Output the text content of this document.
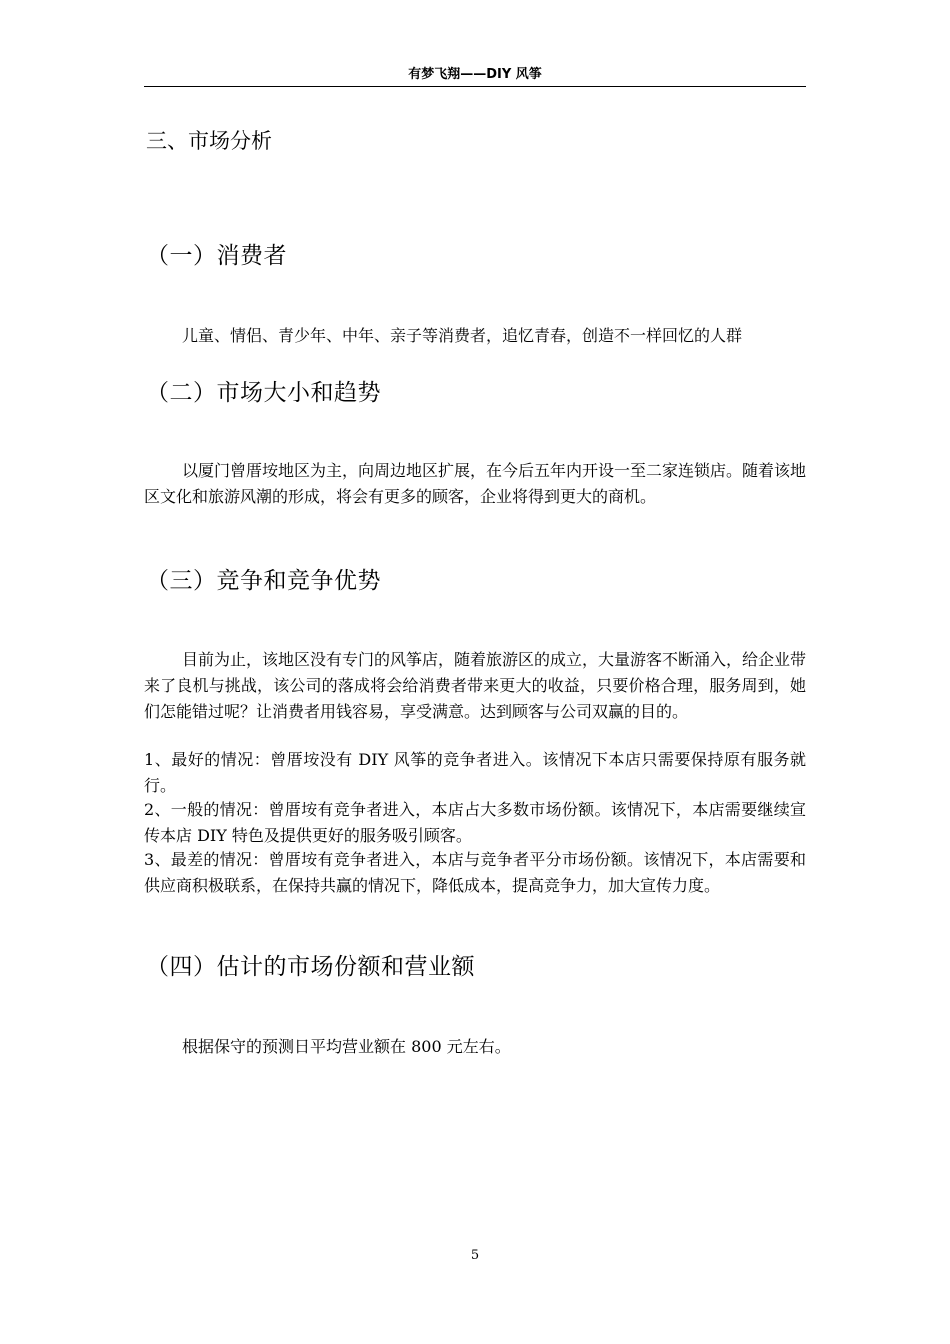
有梦飞翔——DIY 风筝
三、市场分析
（一）消费者

儿童、情侣、青少年、中年、亲子等消费者，追忆青春，创造不一样回忆的人群

（二）市场大小和趋势

以厦门曾厝垵地区为主，向周边地区扩展，在今后五年内开设一至二家连锁店。随着该地区文化和旅游风潮的形成，将会有更多的顾客，企业将得到更大的商机。

（三）竞争和竞争优势

目前为止，该地区没有专门的风筝店，随着旅游区的成立，大量游客不断涌入，给企业带来了良机与挑战，该公司的落成将会给消费者带来更大的收益，只要价格合理，服务周到，她们怎能错过呢？让消费者用钱容易，享受满意。达到顾客与公司双赢的目的。

1、最好的情况：曾厝垵没有 DIY 风筝的竞争者进入。该情况下本店只需要保持原有服务就行。

2、一般的情况：曾厝垵有竞争者进入，本店占大多数市场份额。该情况下，本店需要继续宣传本店 DIY 特色及提供更好的服务吸引顾客。

3、最差的情况：曾厝垵有竞争者进入，本店与竞争者平分市场份额。该情况下，本店需要和供应商积极联系，在保持共赢的情况下，降低成本，提高竞争力，加大宣传力度。

（四）估计的市场份额和营业额

根据保守的预测日平均营业额在 800 元左右。

5
